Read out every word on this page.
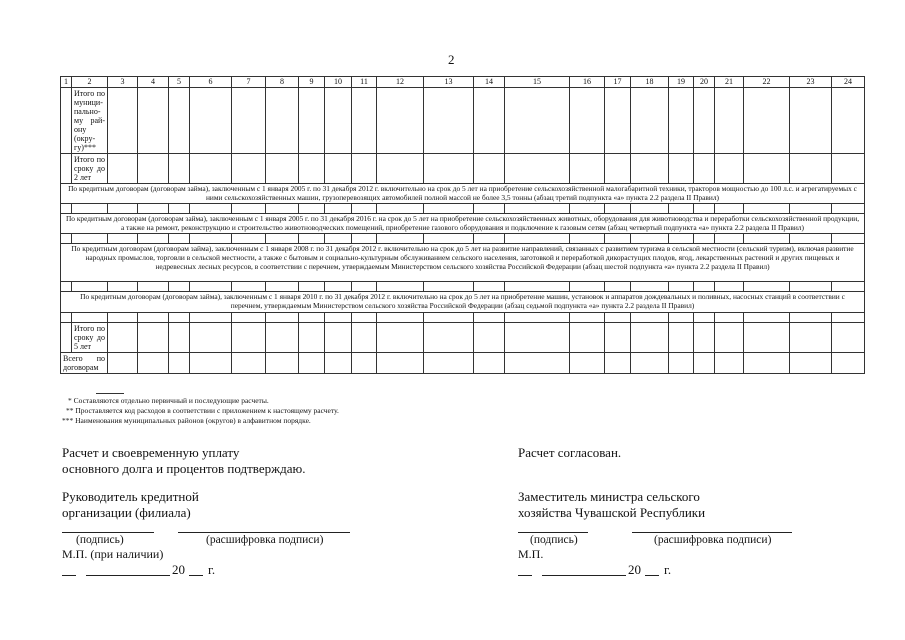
2
1	2	3	4	5	6	7	8	9	10	11	12	13	14	15	16	17	18	19	20	21	22	23	24
	Итого по муници-пально-му рай-ону (окру-гу)***																						
	Итого по сроку до 2 лет																						
По кредитным договорам (договорам займа), заключенным с 1 января 2005 г. по 31 декабря 2012 г. включительно на срок до 5 лет на приобретение сельскохозяйственной малогабаритной техники, тракторов мощностью до 100 л.с. и агрегатируемых с ними сельскохозяйственных машин, грузоперевозящих автомобилей полной массой не более 3,5 тонны (абзац третий подпункта «а» пункта 2.2 раздела II Правил)																							

По кредитным договорам (договорам займа), заключенным с 1 января 2005 г. по 31 декабря 2016 г. на срок до 5 лет на приобретение сельскохозяйственных животных, оборудования для животноводства и переработки сельскохозяйственной продукции, а также на ремонт, реконструкцию и строительство животноводческих помещений, приобретение газового оборудования и подключение к газовым сетям (абзац четвертый подпункта «а» пункта 2.2 раздела II Правил)																							

По кредитным договорам (договорам займа), заключенным с 1 января 2008 г. по 31 декабря 2012 г. включительно на срок до 5 лет на развитие направлений, связанных с развитием туризма в сельской местности (сельский туризм), включая развитие народных промыслов, торговли в сельской местности, а также с бытовым и социально-культурным обслуживанием сельского населения, заготовкой и переработкой дикорастущих плодов, ягод, лекарственных растений и других пищевых и недревесных лесных ресурсов, в соответствии с перечнем, утверждаемым Министерством сельского хозяйства Российской Федерации (абзац шестой подпункта «а» пункта 2.2 раздела II Правил)																							

По кредитным договорам (договорам займа), заключенным с 1 января 2010 г. по 31 декабря 2012 г. включительно на срок до 5 лет на приобретение машин, установок и аппаратов дождевальных и поливных, насосных станций в соответствии с перечнем, утверждаемым Министерством сельского хозяйства Российской Федерации (абзац седьмой подпункта «а» пункта 2.2 раздела II Правил)																							

	Итого по сроку до 5 лет																						
Всего по договорам																							
* Составляются отдельно первичный и последующие расчеты.
** Проставляется код расходов в соответствии с приложением к настоящему расчету.
*** Наименования муниципальных районов (округов) в алфавитном порядке.
Расчет и своевременную уплату
основного долга и процентов подтверждаю.
Руководитель кредитной
организации (филиала)
(подпись)	(расшифровка подписи)
М.П. (при наличии)
20 г.
Расчет согласован.
Заместитель министра сельского
хозяйства Чувашской Республики
(подпись)	(расшифровка подписи)
М.П.
20 г.
